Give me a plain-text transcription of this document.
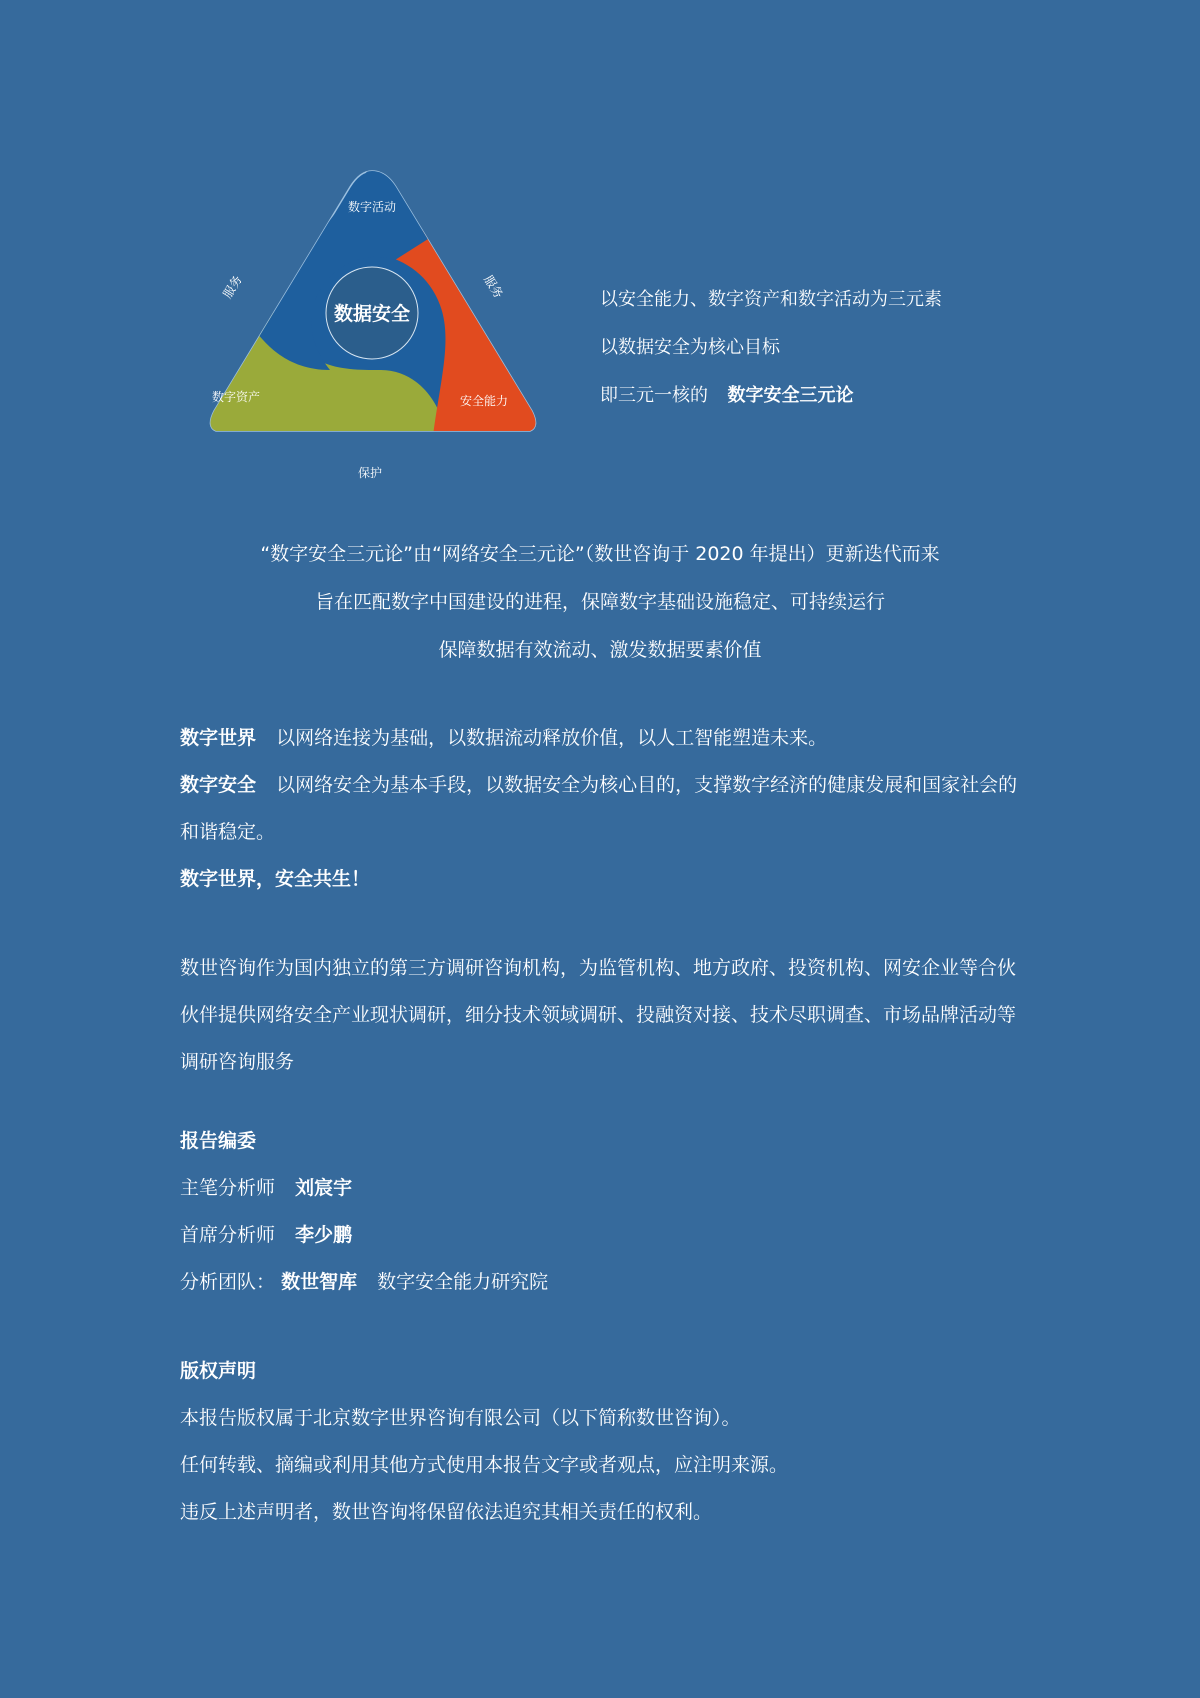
数据安全
数字活动
数字资产	安全能力
服务	服务
保护
以安全能力、数字资产和数字活动为三元素
以数据安全为核心目标
即三元一核的 数字安全三元论
“数字安全三元论”由“网络安全三元论”（数世咨询于 2020 年提出）更新迭代而来
旨在匹配数字中国建设的进程，保障数字基础设施稳定、可持续运行
保障数据有效流动、激发数据要素价值

数字世界 以网络连接为基础，以数据流动释放价值，以人工智能塑造未来。

数字安全 以网络安全为基本手段，以数据安全为核心目的，支撑数字经济的健康发展和国家社会的和谐稳定。

数字世界，安全共生！

数世咨询作为国内独立的第三方调研咨询机构，为监管机构、地方政府、投资机构、网安企业等合伙伙伴提供网络安全产业现状调研，细分技术领域调研、投融资对接、技术尽职调查、市场品牌活动等调研咨询服务

报告编委

主笔分析师 刘宸宇

首席分析师 李少鹏

分析团队： 数世智库 数字安全能力研究院

版权声明

本报告版权属于北京数字世界咨询有限公司（以下简称数世咨询）。

任何转载、摘编或利用其他方式使用本报告文字或者观点，应注明来源。

违反上述声明者，数世咨询将保留依法追究其相关责任的权利。
